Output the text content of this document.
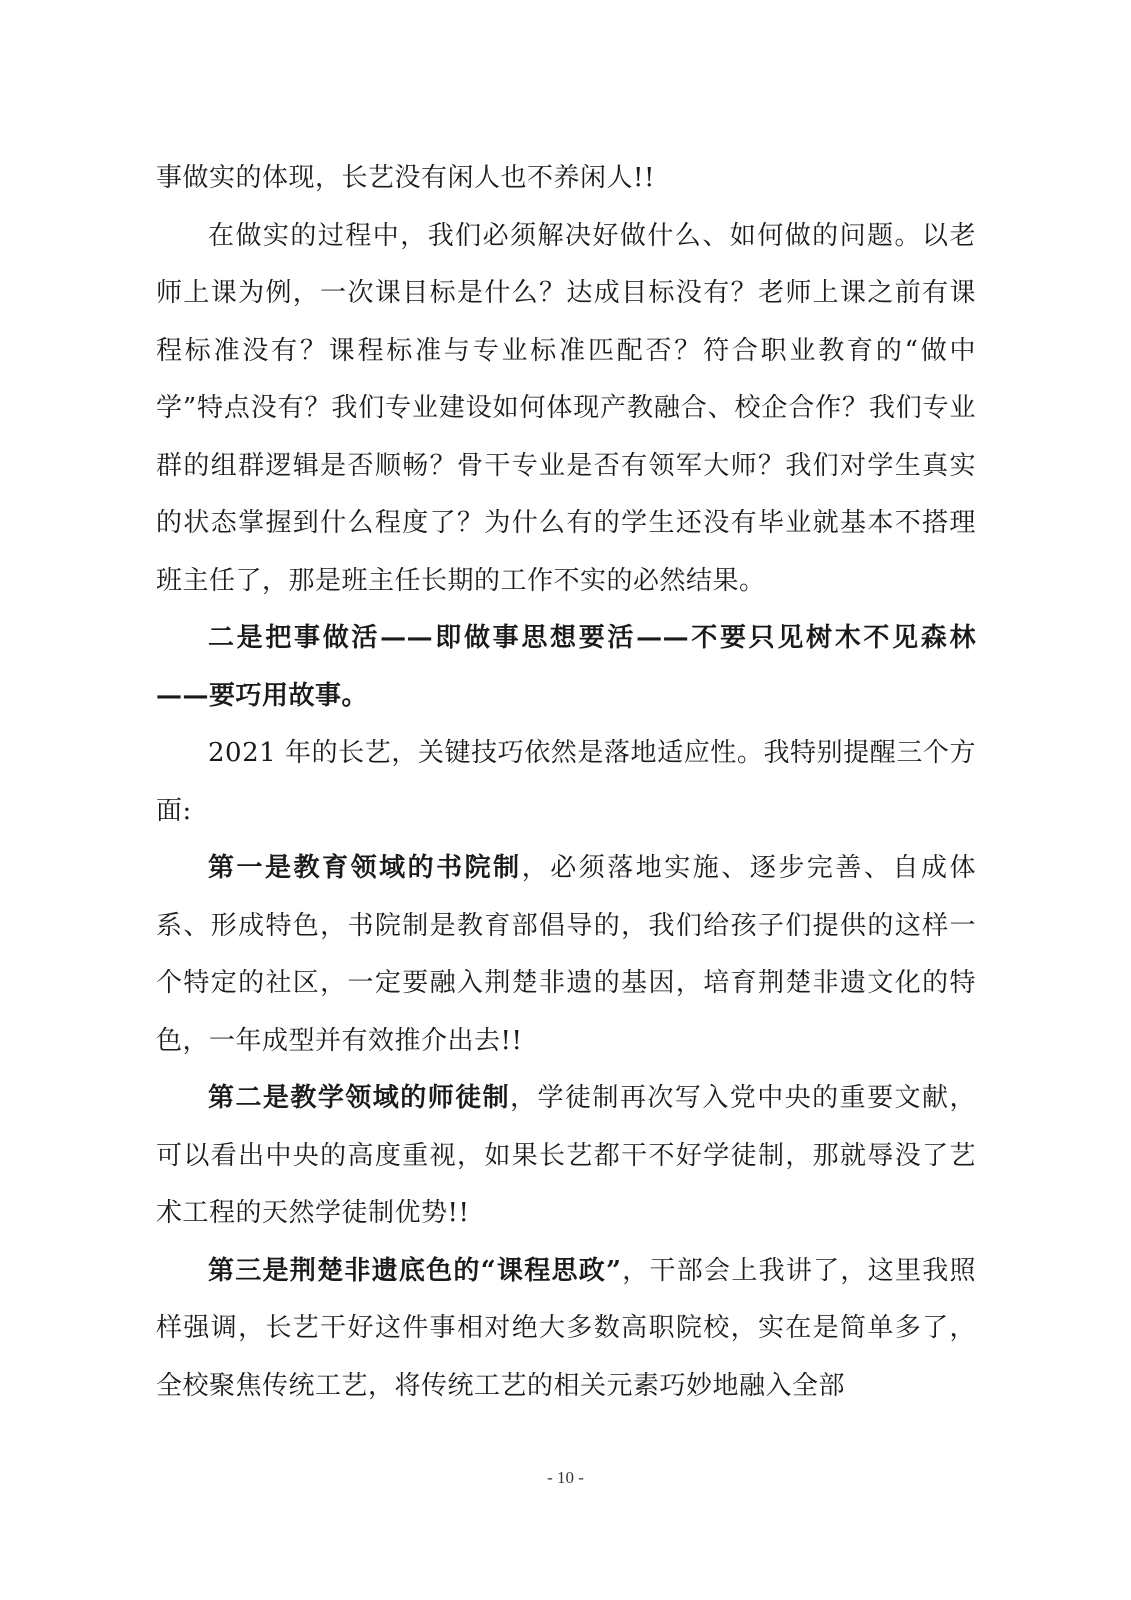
事做实的体现，长艺没有闲人也不养闲人!!

在做实的过程中，我们必须解决好做什么、如何做的问题。以老师上课为例，一次课目标是什么？达成目标没有？老师上课之前有课程标准没有？课程标准与专业标准匹配否？符合职业教育的“做中学”特点没有？我们专业建设如何体现产教融合、校企合作？我们专业群的组群逻辑是否顺畅？骨干专业是否有领军大师？我们对学生真实的状态掌握到什么程度了？为什么有的学生还没有毕业就基本不搭理班主任了，那是班主任长期的工作不实的必然结果。

二是把事做活——即做事思想要活——不要只见树木不见森林——要巧用故事。

2021 年的长艺，关键技巧依然是落地适应性。我特别提醒三个方面:

第一是教育领域的书院制，必须落地实施、逐步完善、自成体系、形成特色，书院制是教育部倡导的，我们给孩子们提供的这样一个特定的社区，一定要融入荆楚非遗的基因，培育荆楚非遗文化的特色，一年成型并有效推介出去!!

第二是教学领域的师徒制，学徒制再次写入党中央的重要文献，可以看出中央的高度重视，如果长艺都干不好学徒制，那就辱没了艺术工程的天然学徒制优势!!

第三是荆楚非遗底色的“课程思政”，干部会上我讲了，这里我照样强调，长艺干好这件事相对绝大多数高职院校，实在是简单多了，全校聚焦传统工艺，将传统工艺的相关元素巧妙地融入全部

- 10 -
